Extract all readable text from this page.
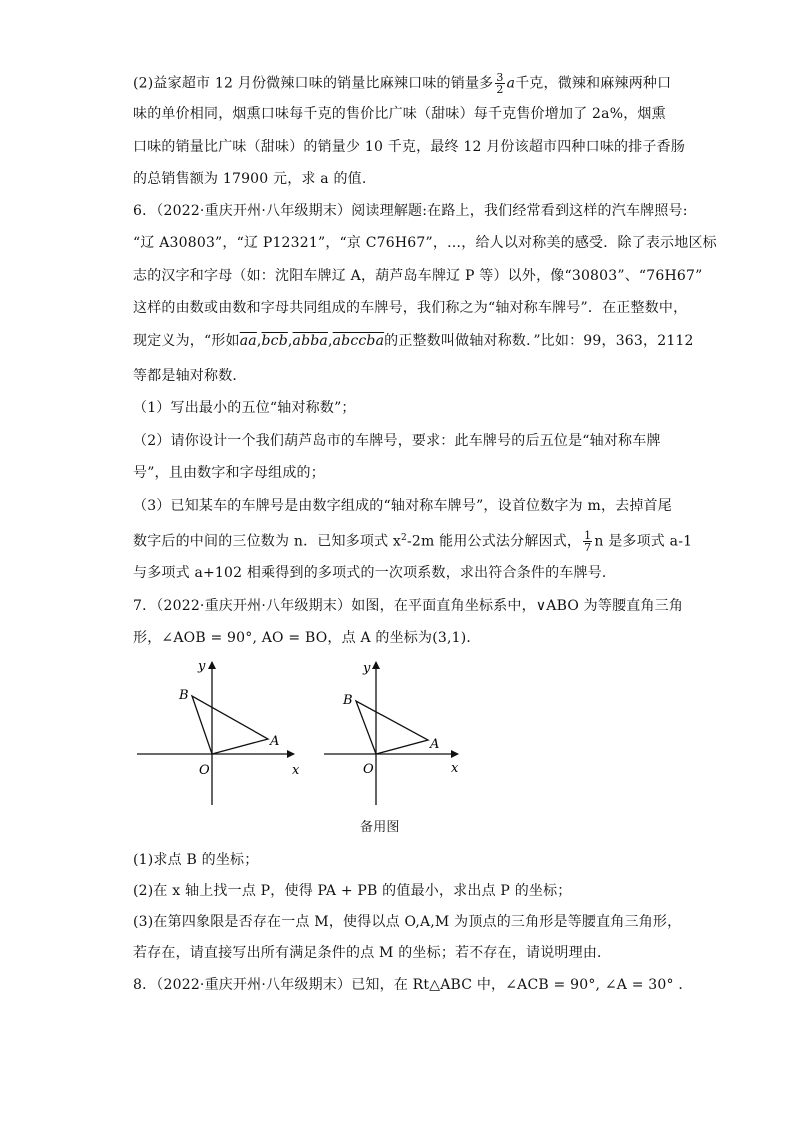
(2)益家超市 12 月份微辣口味的销量比麻辣口味的销量多 $\frac{3}{2}$ a千克，微辣和麻辣两种口
味的单价相同，烟熏口味每千克的售价比广味（甜味）每千克售价增加了 2a%，烟熏
口味的销量比广味（甜味）的销量少 10 千克，最终 12 月份该超市四种口味的排子香肠
的总销售额为 17900 元，求 a 的值.
6．（2022·重庆开州·八年级期末）阅读理解题:在路上，我们经常看到这样的汽车牌照号:
“辽 A30803”，“辽 P12321”，“京 C76H67”，…，给人以对称美的感受．除了表示地区标
志的汉字和字母（如：沈阳车牌辽 A，葫芦岛车牌辽 P 等）以外，像“30803”、“76H67”
这样的由数或由数和字母共同组成的车牌号，我们称之为“轴对称车牌号”．在正整数中，
现定义为，“形如$\overline{aa},\overline{bcb},abba,abccba$的正整数叫做轴对称数．”比如：99，363，2112
等都是轴对称数．
（1）写出最小的五位“轴对称数”；
（2）请你设计一个我们葫芦岛市的车牌号，要求：此车牌号的后五位是“轴对称车牌
号”，且由数字和字母组成的；
（3）已知某车的车牌号是由数字组成的“轴对称车牌号”，设首位数字为 m，去掉首尾
数字后的中间的三位数为 n．已知多项式 $x^2-2m$ 能用公式法分解因式， $\frac{1}{7}$ n 是多项式 a-1
与多项式 a+102 相乘得到的多项式的一次项系数，求出符合条件的车牌号．
7．（2022·重庆开州·八年级期末）如图，在平面直角坐标系中，∨ABO 为等腰直角三角
形，∠AOB = 90°, AO = BO，点 A 的坐标为(3,1)．
y
x
O
A
B
y
x
O
A
B
备用图
(1)求点 B 的坐标；
(2)在 x 轴上找一点 P，使得 PA + PB 的值最小，求出点 P 的坐标；
(3)在第四象限是否存在一点 M，使得以点 O,A,M 为顶点的三角形是等腰直角三角形，
若存在，请直接写出所有满足条件的点 M 的坐标；若不存在，请说明理由．
8．（2022·重庆开州·八年级期末）已知，在 Rt△ABC 中，∠ACB = 90°, ∠A = 30° ．
